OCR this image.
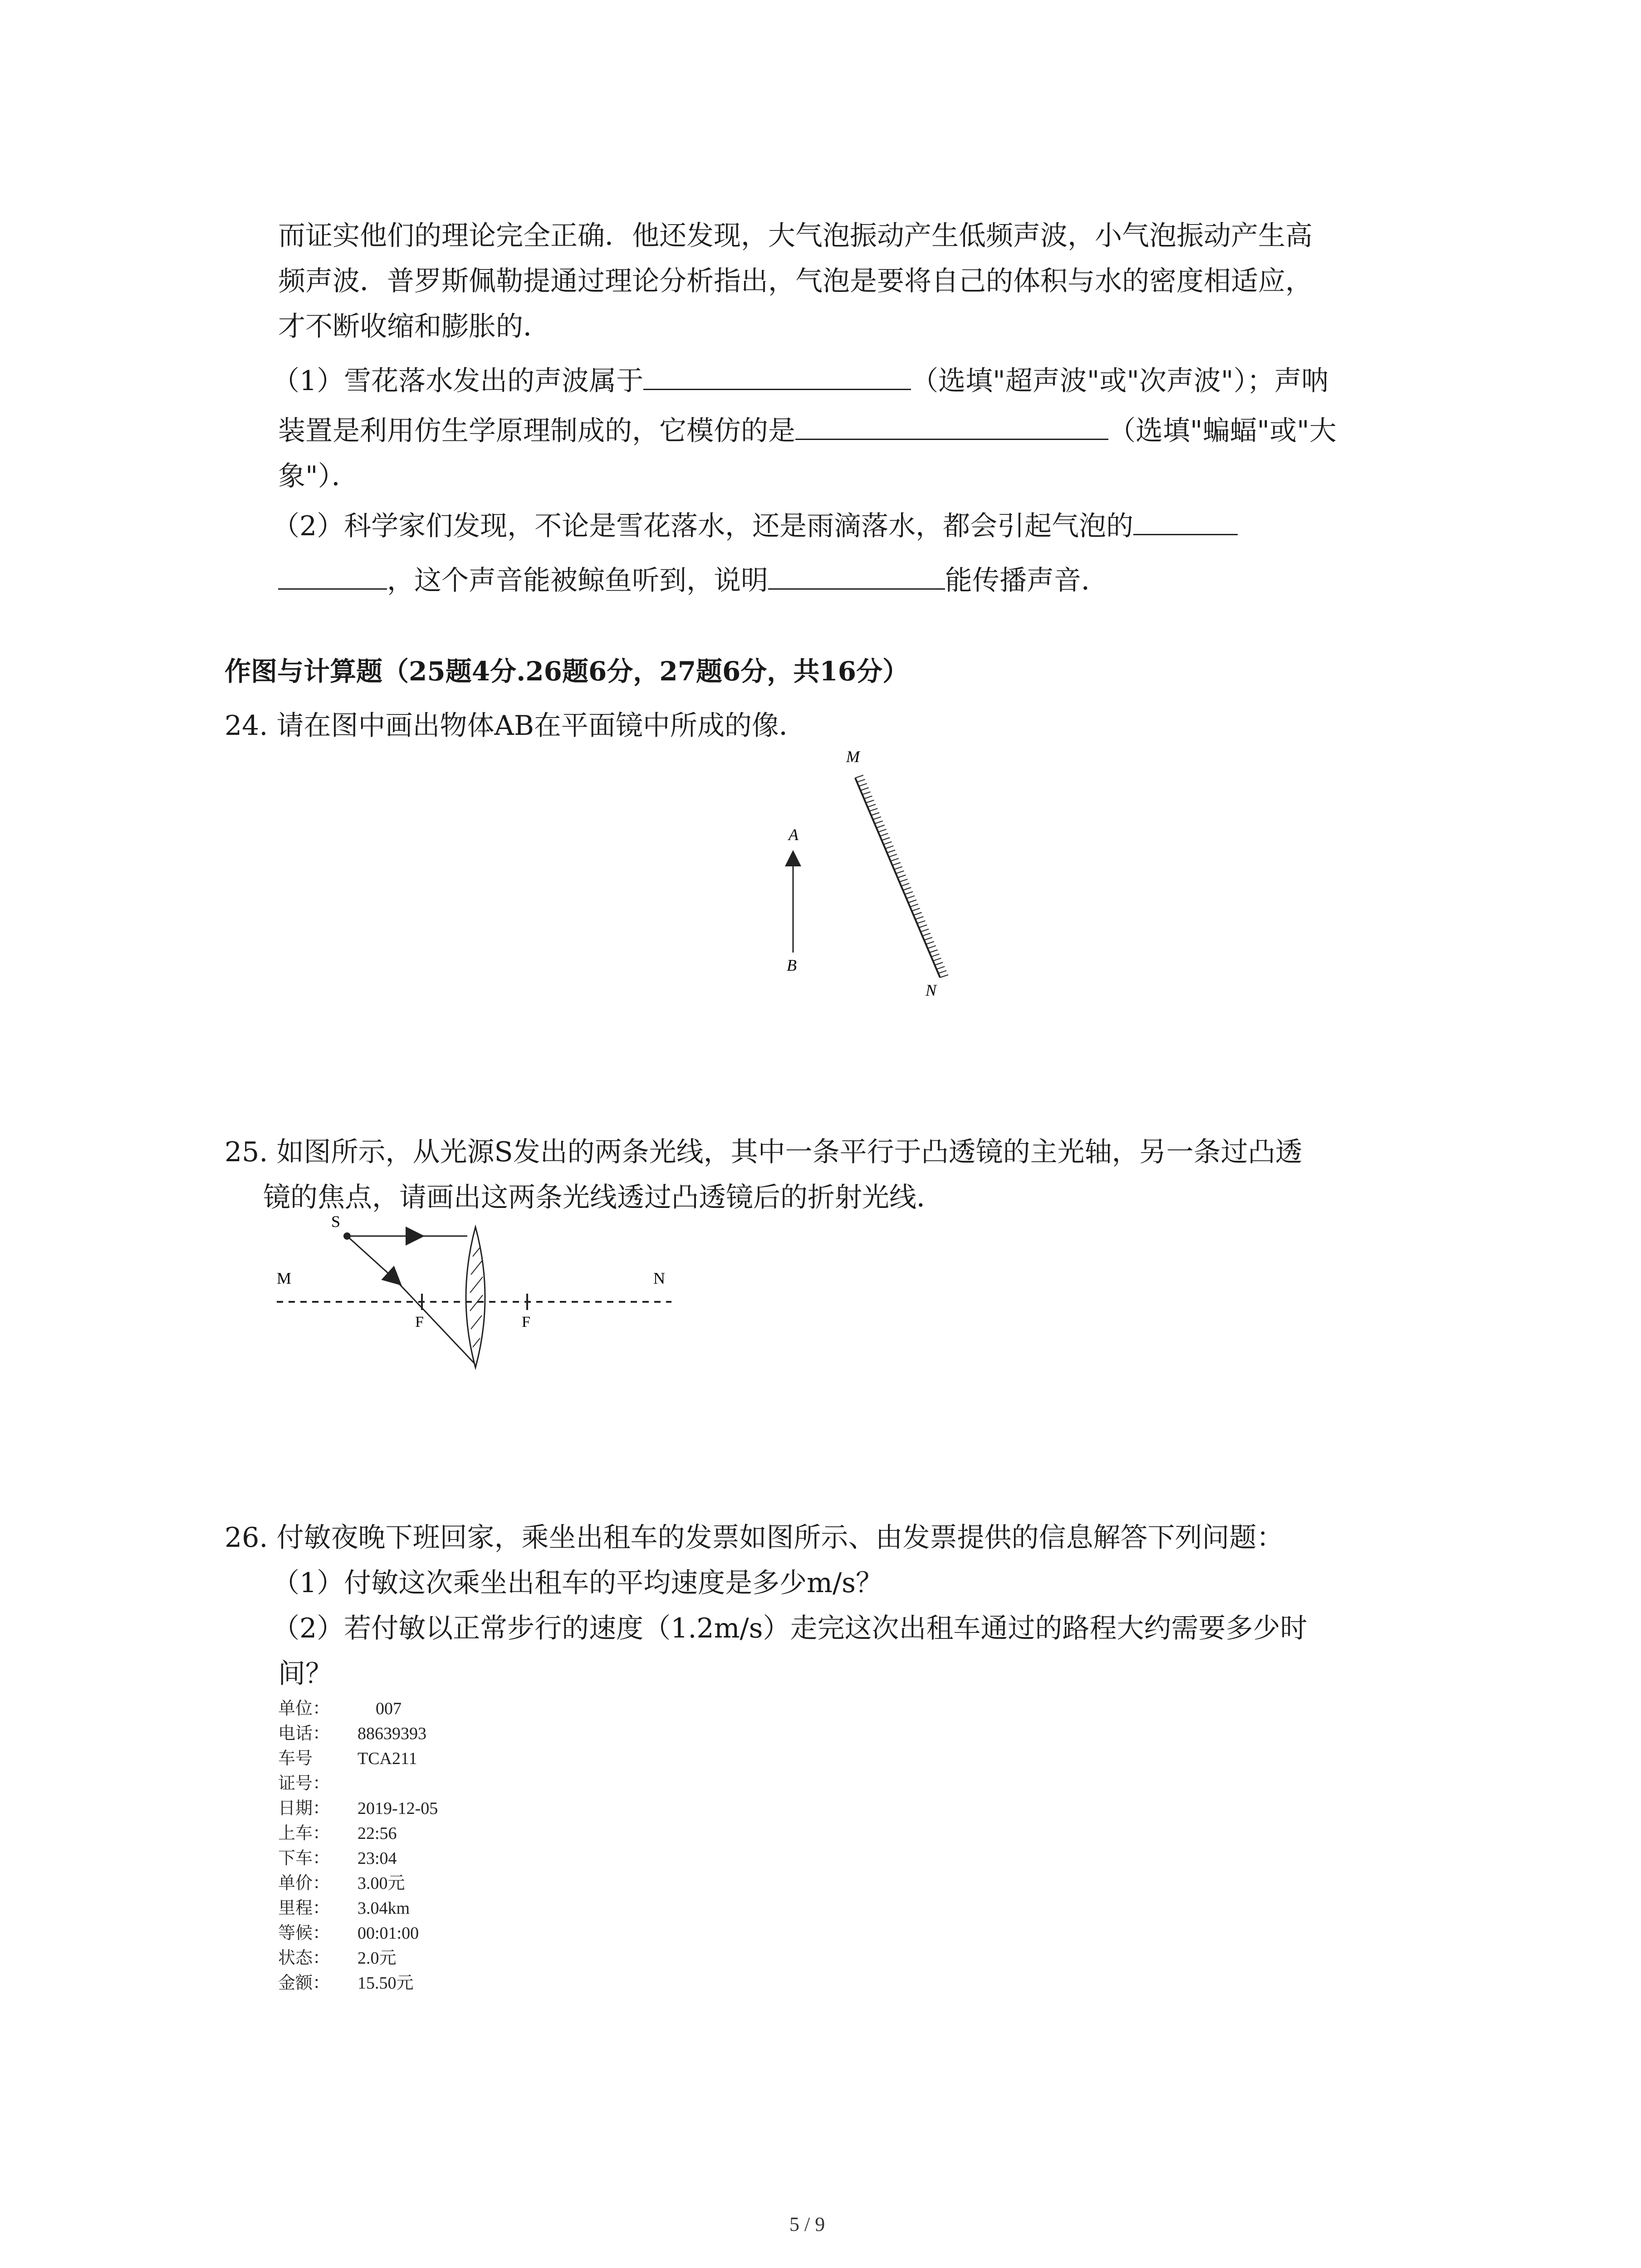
而证实他们的理论完全正确．他还发现，大气泡振动产生低频声波，小气泡振动产生高
频声波．普罗斯佩勒提通过理论分析指出，气泡是要将自己的体积与水的密度相适应，
才不断收缩和膨胀的．
（1）雪花落水发出的声波属于	（选填"超声波"或"次声波"）；声呐
装置是利用仿生学原理制成的，它模仿的是	（选填"蝙蝠"或"大
象"）．
（2）科学家们发现，不论是雪花落水，还是雨滴落水，都会引起气泡的
，这个声音能被鲸鱼听到，说明	能传播声音．
作图与计算题（25题4分.26题6分，27题6分，共16分）
24. 请在图中画出物体AB在平面镜中所成的像．
A
B
M
N
25. 如图所示，从光源S发出的两条光线，其中一条平行于凸透镜的主光轴，另一条过凸透
镜的焦点，请画出这两条光线透过凸透镜后的折射光线．
S
M	N
F	F
26. 付敏夜晚下班回家，乘坐出租车的发票如图所示、由发票提供的信息解答下列问题：
（1）付敏这次乘坐出租车的平均速度是多少m/s？
（2）若付敏以正常步行的速度（1.2m/s）走完这次出租车通过的路程大约需要多少时
间？
单位：	007
电话： 88639393
车号	TCA211
证号：
日期： 2019-12-05
上车： 22:56
下车： 23:04
单价： 3.00元
里程： 3.04km
等候： 00:01:00
状态： 2.0元
金额： 15.50元
5 / 9
